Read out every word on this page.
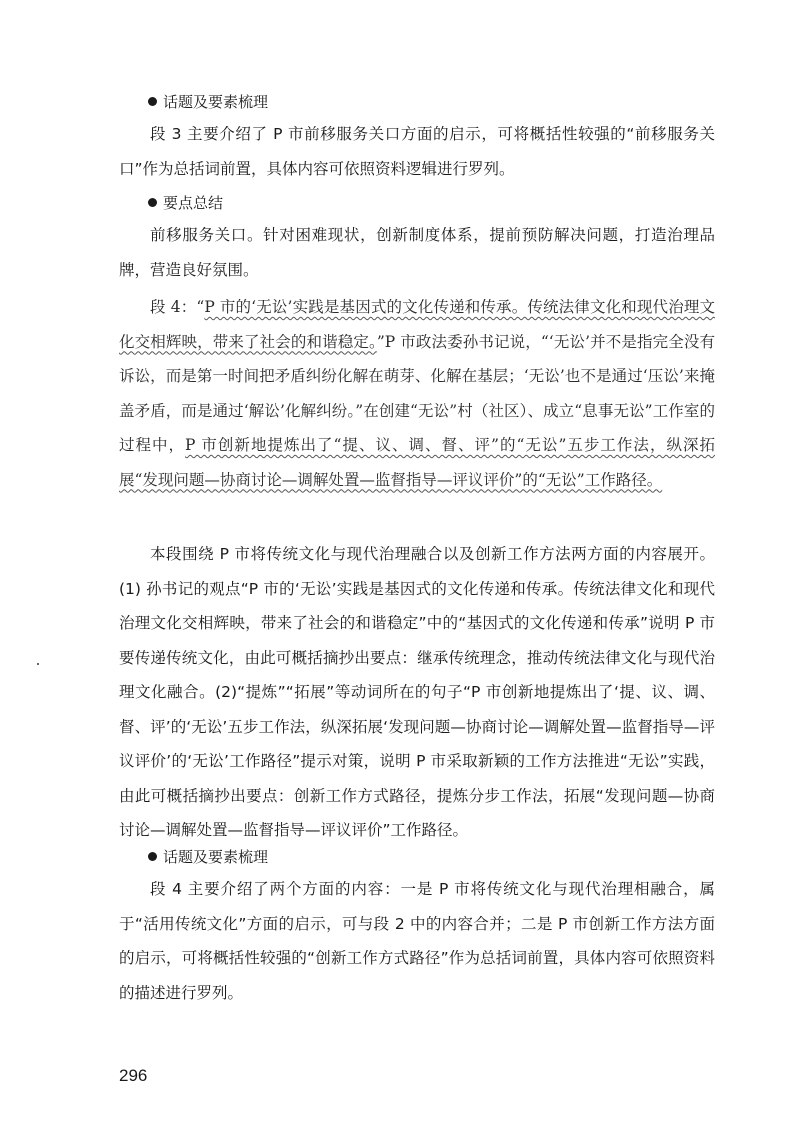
话题及要素梳理

段 3 主要介绍了 P 市前移服务关口方面的启示，可将概括性较强的“前移服务关口”作为总括词前置，具体内容可依照资料逻辑进行罗列。

要点总结

前移服务关口。针对困难现状，创新制度体系，提前预防解决问题，打造治理品牌，营造良好氛围。

段 4：“P 市的‘无讼’实践是基因式的文化传递和传承。传统法律文化和现代治理文化交相辉映，带来了社会的和谐稳定。”P 市政法委孙书记说，“‘无讼’并不是指完全没有诉讼，而是第一时间把矛盾纠纷化解在萌芽、化解在基层；‘无讼’也不是通过‘压讼’来掩盖矛盾，而是通过‘解讼’化解纠纷。”在创建“无讼”村（社区）、成立“息事无讼”工作室的过程中，P 市创新地提炼出了“提、议、调、督、评”的“无讼”五步工作法，纵深拓展“发现问题—协商讨论—调解处置—监督指导—评议评价”的“无讼”工作路径。

本段围绕 P 市将传统文化与现代治理融合以及创新工作方法两方面的内容展开。(1) 孙书记的观点“P 市的‘无讼’实践是基因式的文化传递和传承。传统法律文化和现代治理文化交相辉映，带来了社会的和谐稳定”中的“基因式的文化传递和传承”说明 P 市要传递传统文化，由此可概括摘抄出要点：继承传统理念，推动传统法律文化与现代治理文化融合。(2)“提炼”“拓展”等动词所在的句子“P 市创新地提炼出了‘提、议、调、督、评’的‘无讼’五步工作法，纵深拓展‘发现问题—协商讨论—调解处置—监督指导—评议评价’的‘无讼’工作路径”提示对策，说明 P 市采取新颖的工作方法推进“无讼”实践，由此可概括摘抄出要点：创新工作方式路径，提炼分步工作法，拓展“发现问题—协商讨论—调解处置—监督指导—评议评价”工作路径。

话题及要素梳理

段 4 主要介绍了两个方面的内容：一是 P 市将传统文化与现代治理相融合，属于“活用传统文化”方面的启示，可与段 2 中的内容合并；二是 P 市创新工作方法方面的启示，可将概括性较强的“创新工作方式路径”作为总括词前置，具体内容可依照资料的描述进行罗列。

296
